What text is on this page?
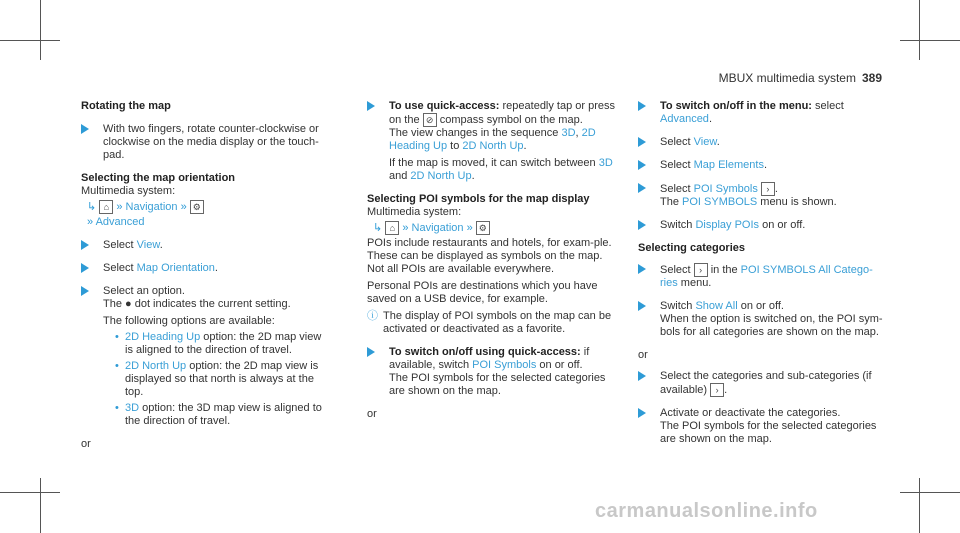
MBUX multimedia system 389
Rotating the map
With two fingers, rotate counter-clockwise or clockwise on the media display or the touch-pad.
Selecting the map orientation
Multimedia system:
↳ ⌂ » Navigation » ⚙
» Advanced
Select View.
Select Map Orientation.
Select an option.
The ● dot indicates the current setting.
The following options are available:
• 2D Heading Up option: the 2D map view is aligned to the direction of travel.
• 2D North Up option: the 2D map view is displayed so that north is always at the top.
• 3D option: the 3D map view is aligned to the direction of travel.
or
To use quick-access: repeatedly tap or press on the ⊘ compass symbol on the map.
The view changes in the sequence 3D, 2D Heading Up to 2D North Up.
If the map is moved, it can switch between 3D and 2D North Up.
Selecting POI symbols for the map display
Multimedia system:
↳ ⌂ » Navigation » ⚙
POIs include restaurants and hotels, for exam-ple. These can be displayed as symbols on the map. Not all POIs are available everywhere.
Personal POIs are destinations which you have saved on a USB device, for example.
ⓘ The display of POI symbols on the map can be activated or deactivated as a favorite.
To switch on/off using quick-access: if available, switch POI Symbols on or off.
The POI symbols for the selected categories are shown on the map.
or
To switch on/off in the menu: select Advanced.
Select View.
Select Map Elements.
Select POI Symbols › .
The POI SYMBOLS menu is shown.
Switch Display POIs on or off.
Selecting categories
Select › in the POI SYMBOLS All Catego-ries menu.
Switch Show All on or off.
When the option is switched on, the POI sym-bols for all categories are shown on the map.
or
Select the categories and sub-categories (if available) › .
Activate or deactivate the categories.
The POI symbols for the selected categories are shown on the map.
carmanualsonline.info
